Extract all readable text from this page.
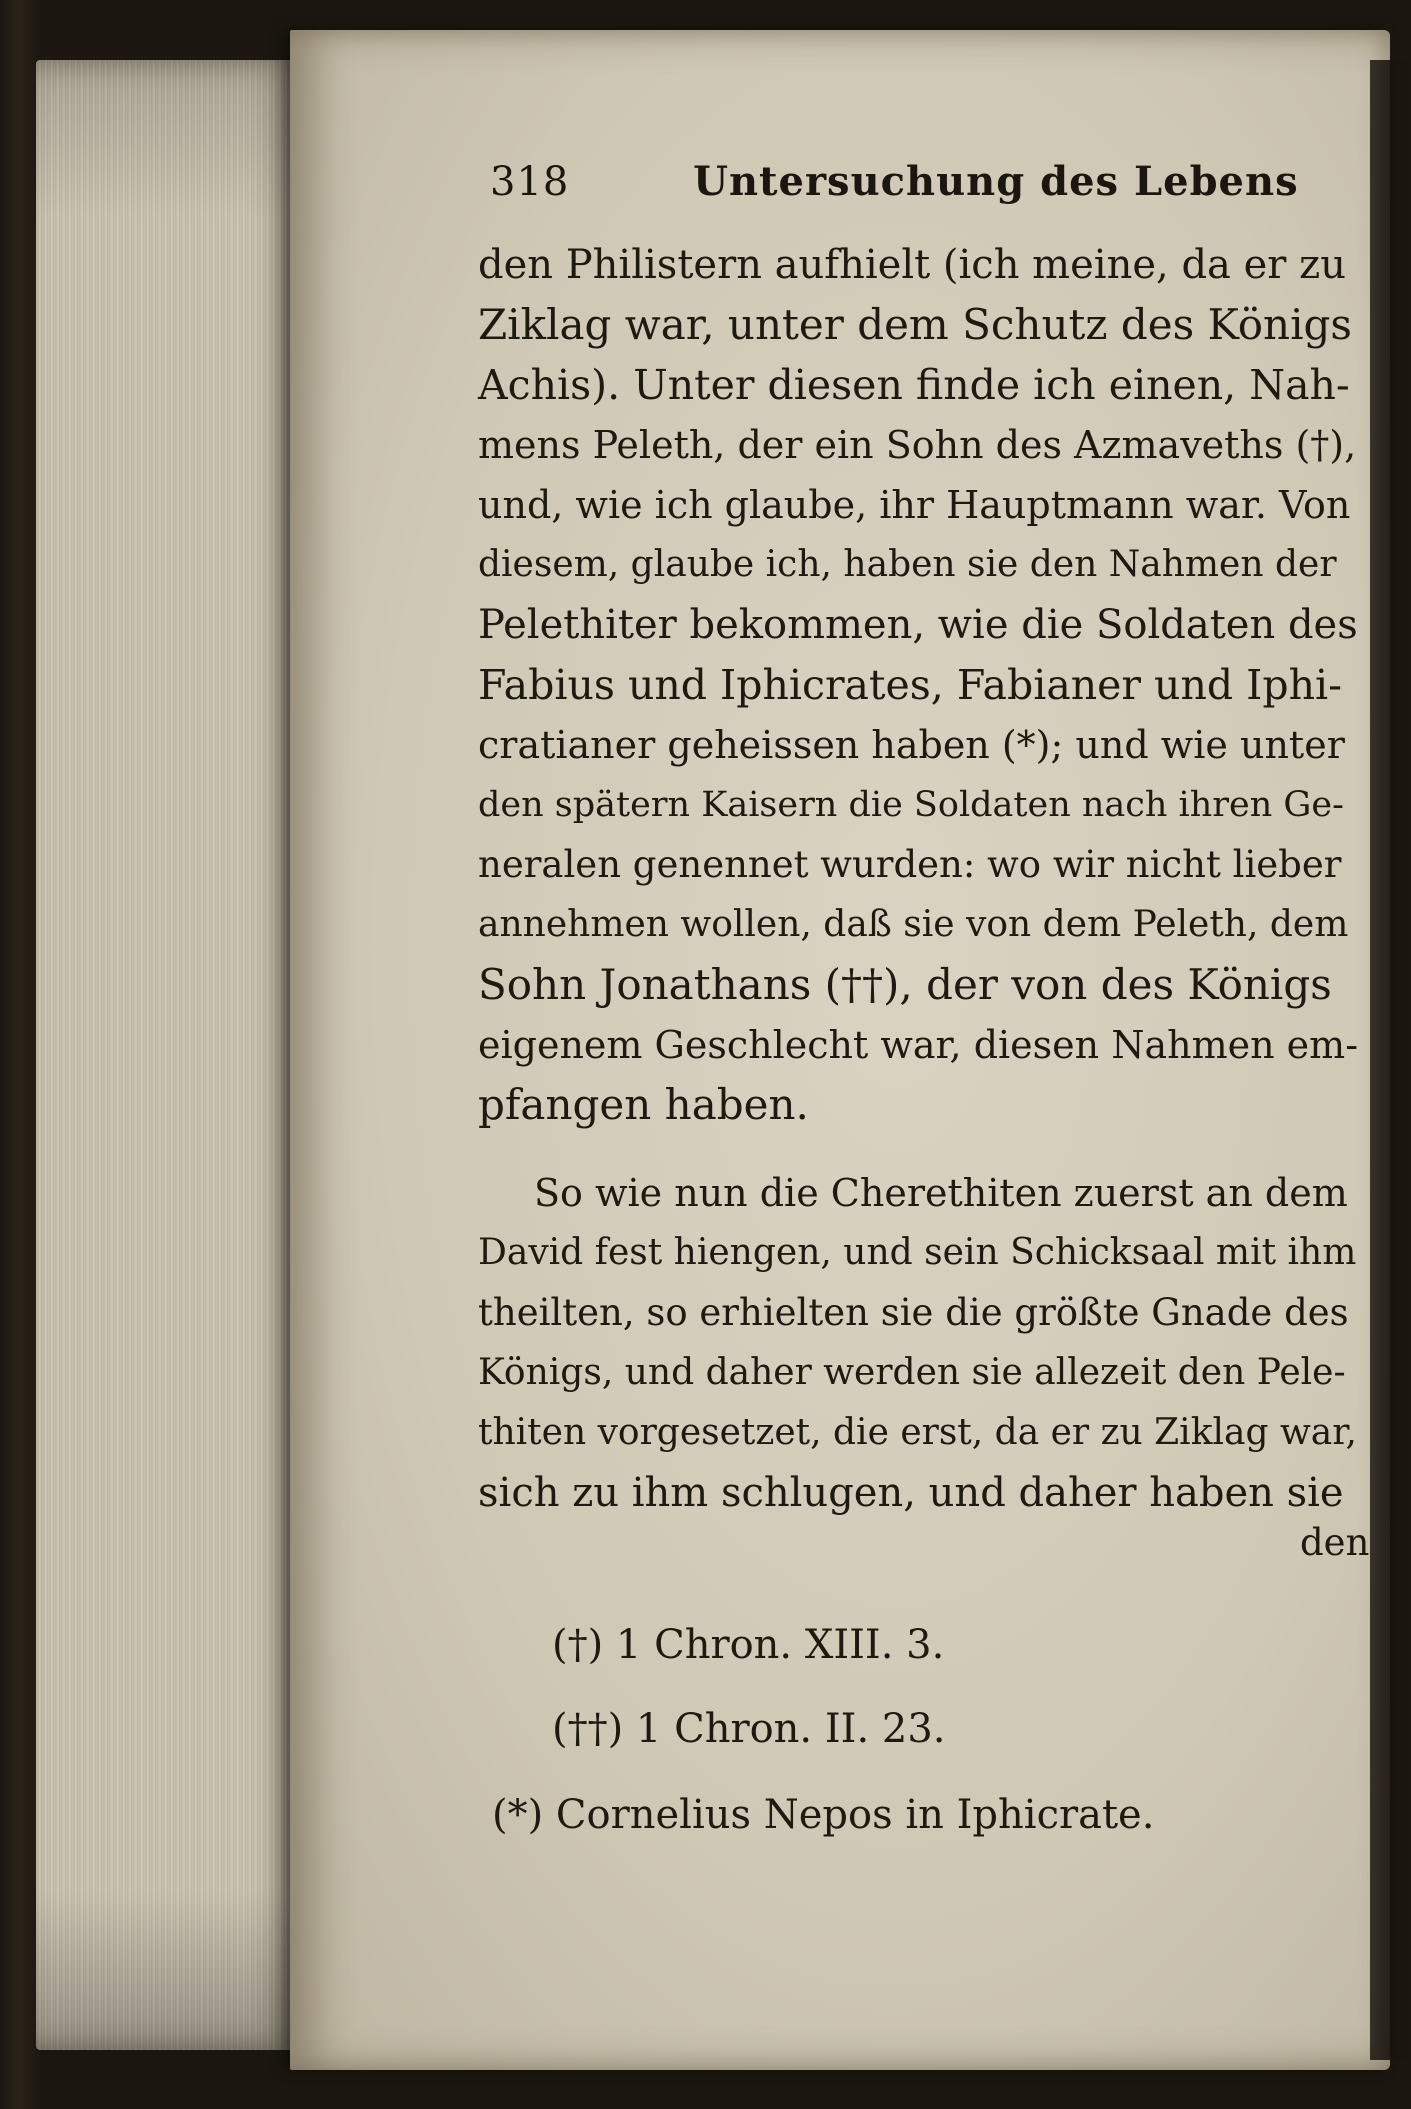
318	Untersuchung des Lebens
den Philistern aufhielt (ich meine, da er zu
Ziklag war, unter dem Schutz des Königs
Achis). Unter diesen finde ich einen, Nah-
mens Peleth, der ein Sohn des Azmaveths (†),
und, wie ich glaube, ihr Hauptmann war. Von
diesem, glaube ich, haben sie den Nahmen der
Pelethiter bekommen, wie die Soldaten des
Fabius und Iphicrates, Fabianer und Iphi-
cratianer geheissen haben (*); und wie unter
den spätern Kaisern die Soldaten nach ihren Ge-
neralen genennet wurden: wo wir nicht lieber
annehmen wollen, daß sie von dem Peleth, dem
Sohn Jonathans (††), der von des Königs
eigenem Geschlecht war, diesen Nahmen em-
pfangen haben.
So wie nun die Cherethiten zuerst an dem
David fest hiengen, und sein Schicksaal mit ihm
theilten, so erhielten sie die größte Gnade des
Königs, und daher werden sie allezeit den Pele-
thiten vorgesetzet, die erst, da er zu Ziklag war,
sich zu ihm schlugen, und daher haben sie
den
(†) 1 Chron. XIII. 3.
(††) 1 Chron. II. 23.
(*) Cornelius Nepos in Iphicrate.
